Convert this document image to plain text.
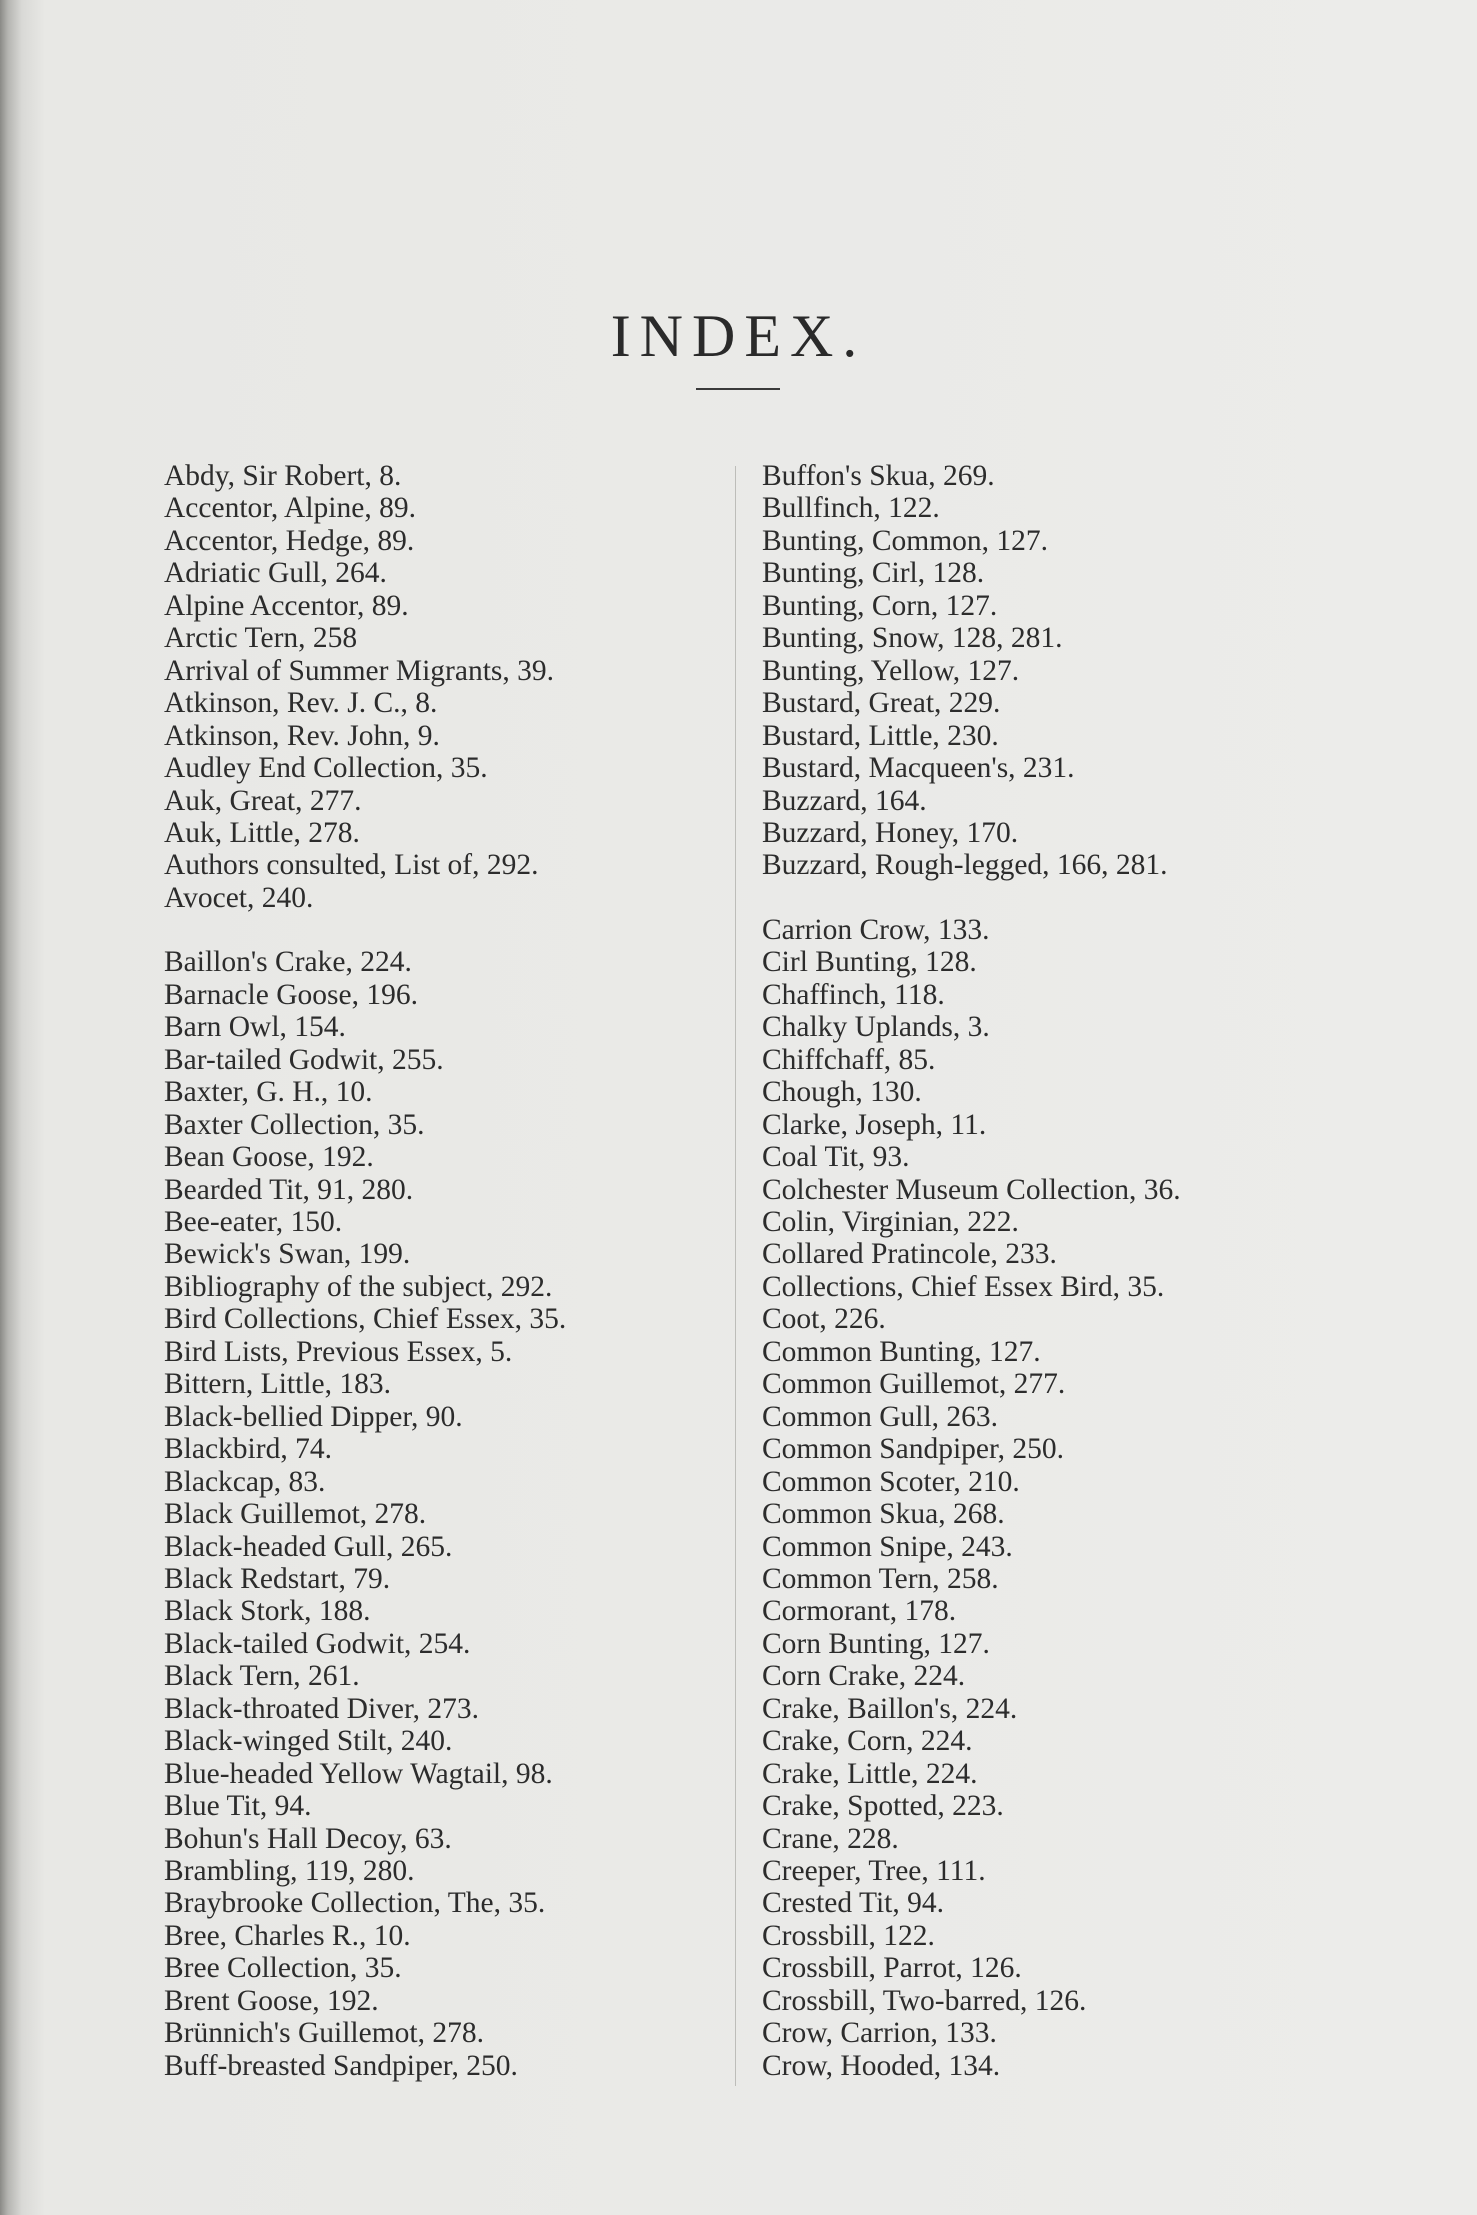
INDEX.
Abdy, Sir Robert, 8.
Accentor, Alpine, 89.
Accentor, Hedge, 89.
Adriatic Gull, 264.
Alpine Accentor, 89.
Arctic Tern, 258
Arrival of Summer Migrants, 39.
Atkinson, Rev. J. C., 8.
Atkinson, Rev. John, 9.
Audley End Collection, 35.
Auk, Great, 277.
Auk, Little, 278.
Authors consulted, List of, 292.
Avocet, 240.
Baillon's Crake, 224.
Barnacle Goose, 196.
Barn Owl, 154.
Bar-tailed Godwit, 255.
Baxter, G. H., 10.
Baxter Collection, 35.
Bean Goose, 192.
Bearded Tit, 91, 280.
Bee-eater, 150.
Bewick's Swan, 199.
Bibliography of the subject, 292.
Bird Collections, Chief Essex, 35.
Bird Lists, Previous Essex, 5.
Bittern, Little, 183.
Black-bellied Dipper, 90.
Blackbird, 74.
Blackcap, 83.
Black Guillemot, 278.
Black-headed Gull, 265.
Black Redstart, 79.
Black Stork, 188.
Black-tailed Godwit, 254.
Black Tern, 261.
Black-throated Diver, 273.
Black-winged Stilt, 240.
Blue-headed Yellow Wagtail, 98.
Blue Tit, 94.
Bohun's Hall Decoy, 63.
Brambling, 119, 280.
Braybrooke Collection, The, 35.
Bree, Charles R., 10.
Bree Collection, 35.
Brent Goose, 192.
Brünnich's Guillemot, 278.
Buff-breasted Sandpiper, 250.
Buffon's Skua, 269.
Bullfinch, 122.
Bunting, Common, 127.
Bunting, Cirl, 128.
Bunting, Corn, 127.
Bunting, Snow, 128, 281.
Bunting, Yellow, 127.
Bustard, Great, 229.
Bustard, Little, 230.
Bustard, Macqueen's, 231.
Buzzard, 164.
Buzzard, Honey, 170.
Buzzard, Rough-legged, 166, 281.
Carrion Crow, 133.
Cirl Bunting, 128.
Chaffinch, 118.
Chalky Uplands, 3.
Chiffchaff, 85.
Chough, 130.
Clarke, Joseph, 11.
Coal Tit, 93.
Colchester Museum Collection, 36.
Colin, Virginian, 222.
Collared Pratincole, 233.
Collections, Chief Essex Bird, 35.
Coot, 226.
Common Bunting, 127.
Common Guillemot, 277.
Common Gull, 263.
Common Sandpiper, 250.
Common Scoter, 210.
Common Skua, 268.
Common Snipe, 243.
Common Tern, 258.
Cormorant, 178.
Corn Bunting, 127.
Corn Crake, 224.
Crake, Baillon's, 224.
Crake, Corn, 224.
Crake, Little, 224.
Crake, Spotted, 223.
Crane, 228.
Creeper, Tree, 111.
Crested Tit, 94.
Crossbill, 122.
Crossbill, Parrot, 126.
Crossbill, Two-barred, 126.
Crow, Carrion, 133.
Crow, Hooded, 134.
